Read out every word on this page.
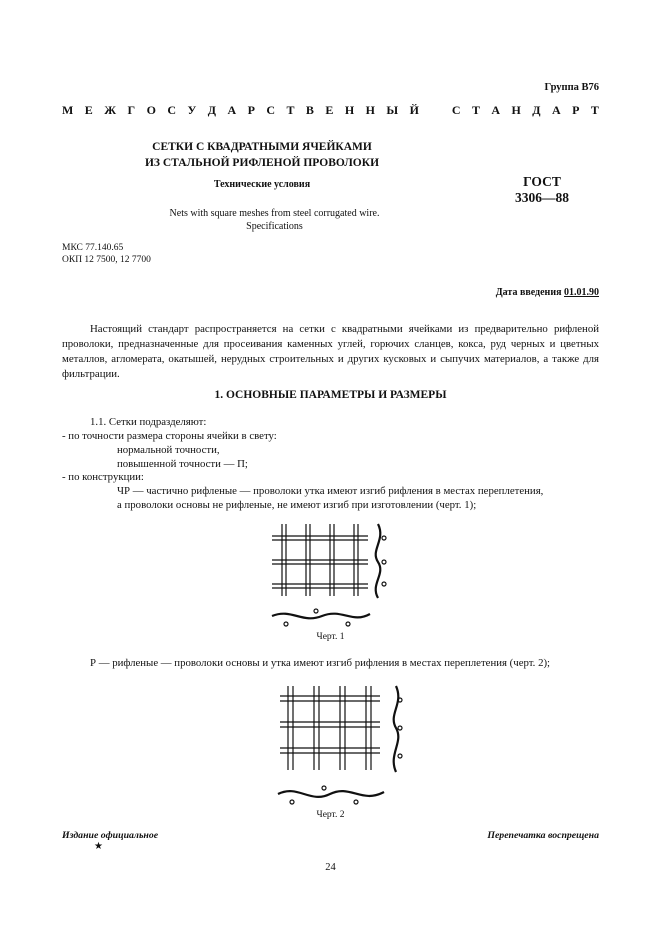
Группа В76
М Е Ж Г О С У Д А Р С Т В Е Н Н Ы Й	С Т А Н Д А Р Т
СЕТКИ С КВАДРАТНЫМИ ЯЧЕЙКАМИ
ИЗ СТАЛЬНОЙ РИФЛЕНОЙ ПРОВОЛОКИ
Технические условия	ГОСТ
3306—88
Nets with square meshes from steel corrugated wire.
Specifications
МКС 77.140.65
ОКП 12 7500, 12 7700
Дата введения 01.01.90
Настоящий стандарт распространяется на сетки с квадратными ячейками из предварительно рифленой проволоки, предназначенные для просеивания каменных углей, горючих сланцев, кокса, руд черных и цветных металлов, агломерата, окатышей, нерудных строительных и других кусковых и сыпучих материалов, а также для фильтрации.
1. ОСНОВНЫЕ ПАРАМЕТРЫ И РАЗМЕРЫ
1.1. Сетки подразделяют:
- по точности размера стороны ячейки в свету:
нормальной точности,
повышенной точности — П;
- по конструкции:
ЧР — частично рифленые — проволоки утка имеют изгиб рифления в местах переплетения,
а проволоки основы не рифленые, не имеют изгиб при изготовлении (черт. 1);
Черт. 1
Р — рифленые — проволоки основы и утка имеют изгиб рифления в местах переплетения (черт. 2);
Черт. 2
Издание официальное
★
Перепечатка воспрещена
24
